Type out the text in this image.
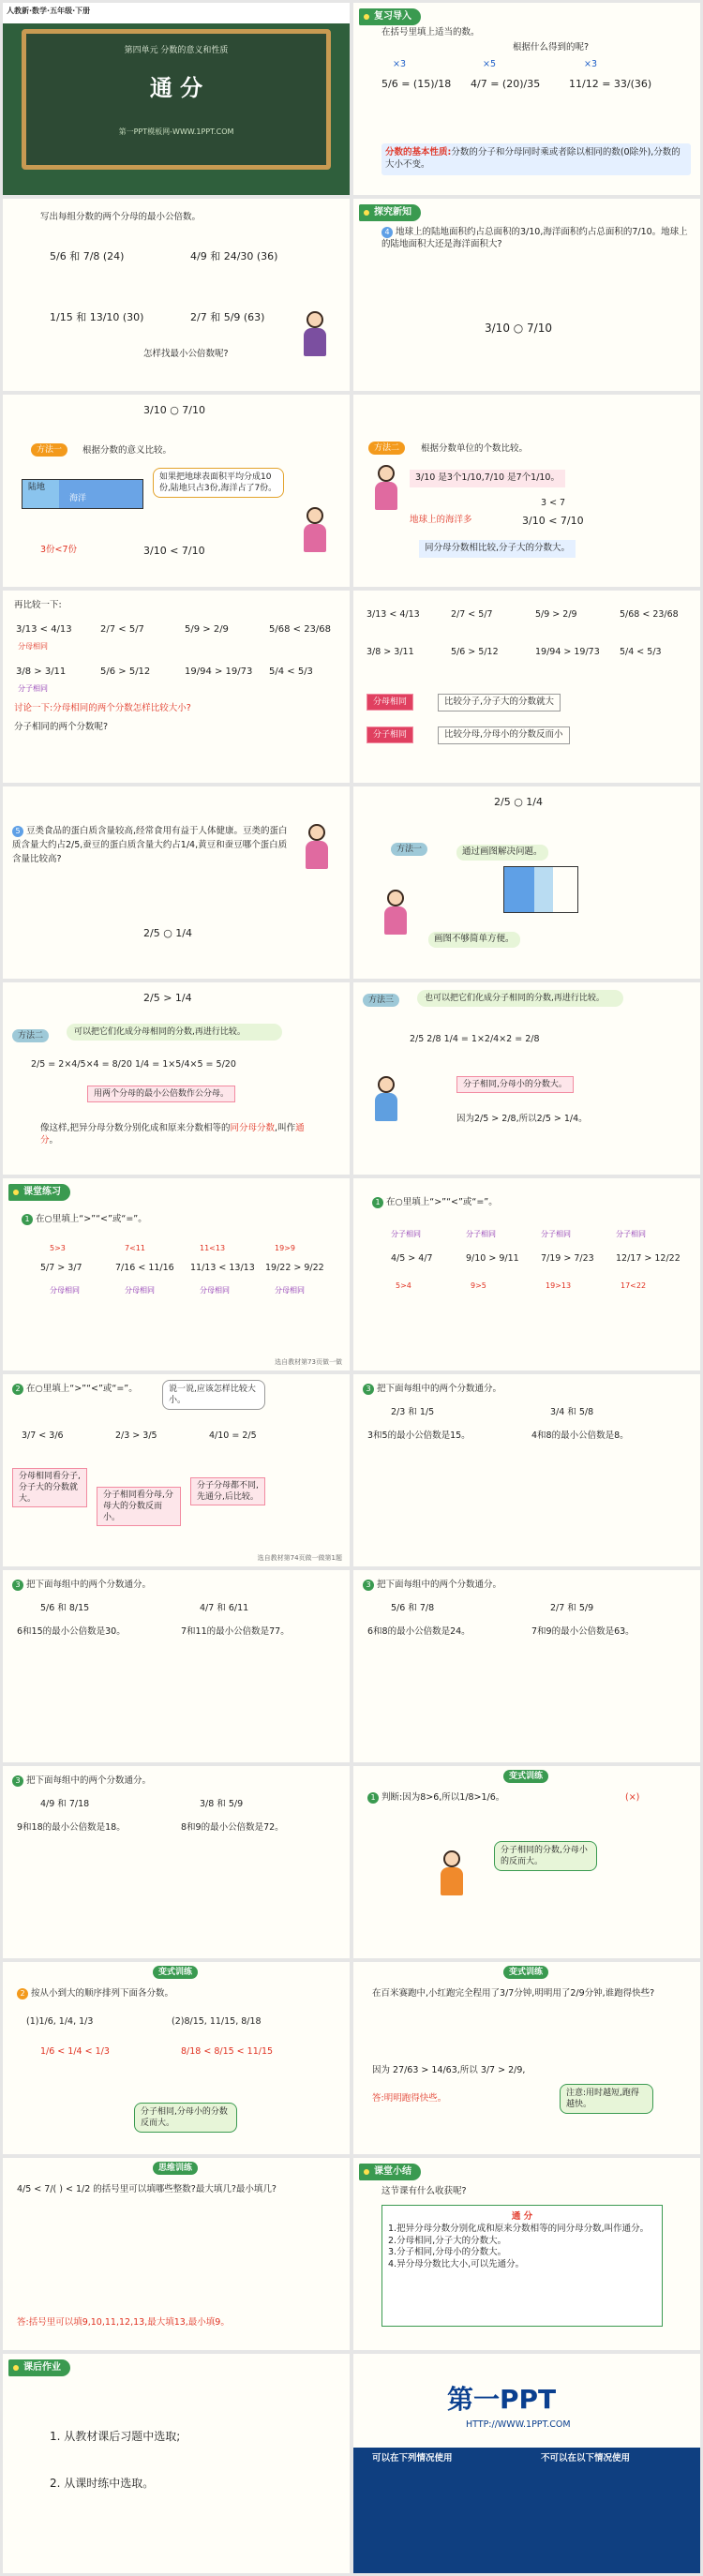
人教新·数学·五年级·下册
第四单元 分数的意义和性质
通 分
第一PPT模板网-WWW.1PPT.COM
复习导入
在括号里填上适当的数。
根据什么得到的呢?
×3	×5	×3
5/6 = (15)/18 4/7 = (20)/35	11/12 = 33/(36)
分数的基本性质:分数的分子和分母同时乘或者除以相同的数(0除外),分数的大小不变。
写出每组分数的两个分母的最小公倍数。
5/6 和 7/8 (24)	4/9 和 24/30 (36)
1/15 和 13/10 (30)	2/7 和 5/9 (63)
怎样找最小公倍数呢?
探究新知
4 地球上的陆地面积约占总面积的3/10,海洋面积约占总面积的7/10。地球上的陆地面积大还是海洋面积大?
3/10 ○ 7/10
3/10 ○ 7/10
方法一	根据分数的意义比较。
陆地
海洋
如果把地球表面积平均分成10份,陆地只占3份,海洋占了7份。
3份<7份	3/10 < 7/10
方法二	根据分数单位的个数比较。
3/10 是3个1/10,7/10 是7个1/10。
3 < 7
地球上的海洋多	3/10 < 7/10
同分母分数相比较,分子大的分数大。
再比较一下:
3/13 < 4/13	2/7 < 5/7	5/9 > 2/9	5/68 < 23/68
分母相同
3/8 > 3/11	5/6 > 5/12	19/94 > 19/73 5/4 < 5/3
分子相同
讨论一下:分母相同的两个分数怎样比较大小?
分子相同的两个分数呢?
3/13 < 4/13	2/7 < 5/7	5/9 > 2/9	5/68 < 23/68
3/8 > 3/11	5/6 > 5/12	19/94 > 19/73 5/4 < 5/3
分母相同	比较分子,分子大的分数就大
分子相同	比较分母,分母小的分数反而小
5 豆类食品的蛋白质含量较高,经常食用有益于人体健康。豆类的蛋白质含量大约占2/5,蚕豆的蛋白质含量大约占1/4,黄豆和蚕豆哪个蛋白质含量比较高?
2/5 ○ 1/4
2/5 ○ 1/4
方法一	通过画图解决问题。
画图不够简单方便。
2/5 > 1/4
方法二	可以把它们化成分母相同的分数,再进行比较。
2/5 = 2×4/5×4 = 8/20 1/4 = 1×5/4×5 = 5/20
用两个分母的最小公倍数作公分母。
像这样,把异分母分数分别化成和原来分数相等的同分母分数,叫作通分。
方法三	也可以把它们化成分子相同的分数,再进行比较。
2/5 2/8 1/4 = 1×2/4×2 = 2/8
分子相同,分母小的分数大。
因为2/5 > 2/8,所以2/5 > 1/4。
课堂练习
1 在○里填上“>”“<”或“=”。
5>3	7<11	11<13	19>9
5/7 > 3/7	7/16 < 11/16 11/13 < 13/13 19/22 > 9/22
分母相同	分母相同	分母相同	分母相同
选自教材第73页做一做
1 在○里填上“>”“<”或“=”。
分子相同	分子相同	分子相同	分子相同
4/5 > 4/7	9/10 > 9/11 7/19 > 7/23 12/17 > 12/22
5>4	9>5	19>13	17<22
2 在○里填上“>”“<”或“=”。	说一说,应该怎样比较大小。
3/7 < 3/6	2/3 > 3/5	4/10 = 2/5
分母相同看分子,分子大的分数就大。	分子相同看分母,分母大的分数反而小。
分子分母都不同,先通分,后比较。
选自教材第74页做一做第1题
3 把下面每组中的两个分数通分。
2/3 和 1/5	3/4 和 5/8
3和5的最小公倍数是15。	4和8的最小公倍数是8。
3 把下面每组中的两个分数通分。
5/6 和 8/15	4/7 和 6/11
6和15的最小公倍数是30。	7和11的最小公倍数是77。
3 把下面每组中的两个分数通分。
5/6 和 7/8	2/7 和 5/9
6和8的最小公倍数是24。	7和9的最小公倍数是63。
3 把下面每组中的两个分数通分。
4/9 和 7/18	3/8 和 5/9
9和18的最小公倍数是18。	8和9的最小公倍数是72。
变式训练
1 判断:因为8>6,所以1/8>1/6。	(×)
分子相同的分数,分母小的反而大。
变式训练
2 按从小到大的顺序排列下面各分数。
(1)1/6, 1/4, 1/3	(2)8/15, 11/15, 8/18
1/6 < 1/4 < 1/3	8/18 < 8/15 < 11/15
分子相同,分母小的分数反而大。
变式训练
在百米赛跑中,小红跑完全程用了3/7分钟,明明用了2/9分钟,谁跑得快些?
因为 27/63 > 14/63,所以 3/7 > 2/9,
答:明明跑得快些。	注意:用时越短,跑得越快。
思维训练
4/5 < 7/( ) < 1/2 的括号里可以填哪些整数?最大填几?最小填几?
答:括号里可以填9,10,11,12,13,最大填13,最小填9。
课堂小结
这节课有什么收获呢?
通 分
1.把异分母分数分别化成和原来分数相等的同分母分数,叫作通分。
2.分母相同,分子大的分数大。
3.分子相同,分母小的分数大。
4.异分母分数比大小,可以先通分。
课后作业
1. 从教材课后习题中选取;
2. 从课时练中选取。
第一PPT
HTTP://WWW.1PPT.COM
可以在下列情况使用	不可以在以下情况使用
